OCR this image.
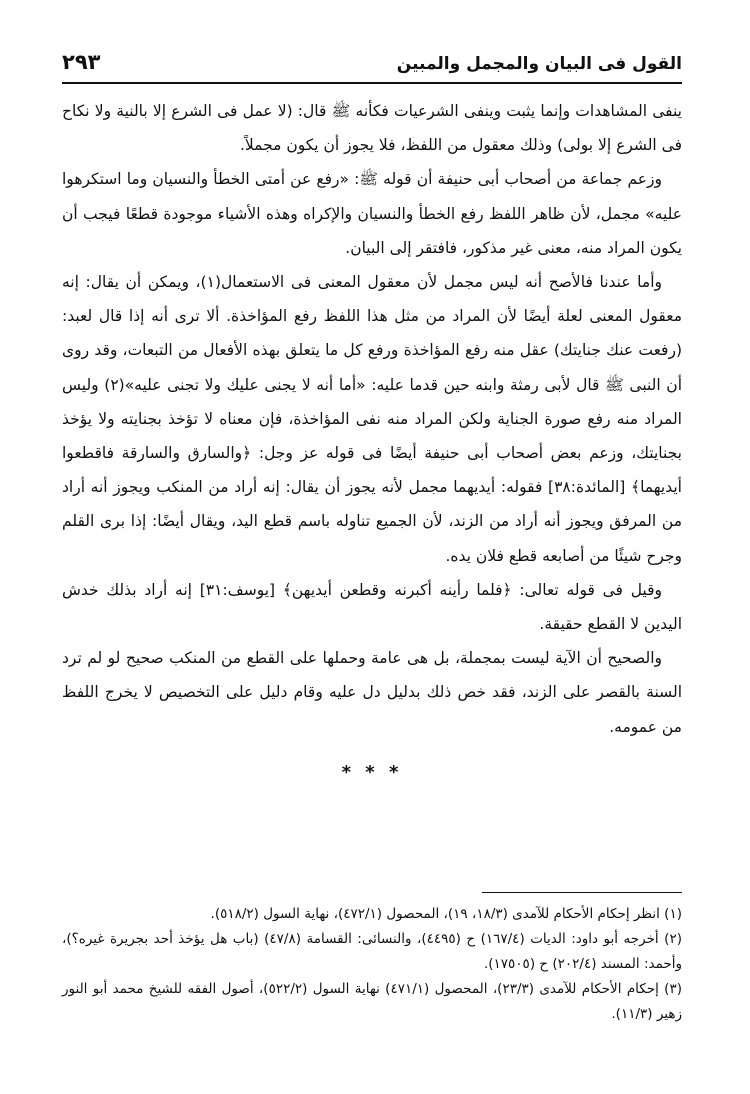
القول فى البيان والمجمل والمبين
٢٩٣

ينفى المشاهدات وإنما يثبت وينفى الشرعيات فكأنه ﷺ قال: (لا عمل فى الشرع إلا بالنية ولا نكاح فى الشرع إلا بولى) وذلك معقول من اللفظ، فلا يجوز أن يكون مجملاً.

وزعم جماعة من أصحاب أبى حنيفة أن قوله ﷺ: «رفع عن أمتى الخطأ والنسيان وما استكرهوا عليه» مجمل، لأن ظاهر اللفظ رفع الخطأ والنسيان والإكراه وهذه الأشياء موجودة قطعًا فيجب أن يكون المراد منه، معنى غير مذكور، فافتقر إلى البيان.

وأما عندنا فالأصح أنه ليس مجمل لأن معقول المعنى فى الاستعمال(١)، ويمكن أن يقال: إنه معقول المعنى لعلة أيضًا لأن المراد من مثل هذا اللفظ رفع المؤاخذة. ألا ترى أنه إذا قال لعبد: (رفعت عنك جنايتك) عقل منه رفع المؤاخذة ورفع كل ما يتعلق بهذه الأفعال من التبعات، وقد روى أن النبى ﷺ قال لأبى رمثة وابنه حين قدما عليه: «أما أنه لا يجنى عليك ولا تجنى عليه»(٢) وليس المراد منه رفع صورة الجناية ولكن المراد منه نفى المؤاخذة، فإن معناه لا تؤخذ بجنايته ولا يؤخذ بجنايتك، وزعم بعض أصحاب أبى حنيفة أيضًا فى قوله عز وجل: ﴿والسارق والسارقة فاقطعوا أيديهما﴾ [المائدة:٣٨] فقوله: أيديهما مجمل لأنه يجوز أن يقال: إنه أراد من المنكب ويجوز أنه أراد من المرفق ويجوز أنه أراد من الزند، لأن الجميع تناوله باسم قطع اليد، ويقال أيضًا: إذا برى القلم وجرح شيئًا من أصابعه قطع فلان يده.

وقيل فى قوله تعالى: ﴿فلما رأينه أكبرنه وقطعن أيديهن﴾ [يوسف:٣١] إنه أراد بذلك خدش اليدين لا القطع حقيقة.

والصحيح أن الآية ليست بمجملة، بل هى عامة وحملها على القطع من المنكب صحيح لو لم ترد السنة بالقصر على الزند، فقد خص ذلك بدليل دل عليه وقام دليل على التخصيص لا يخرج اللفظ من عمومه.

* * *

(١) انظر إحكام الأحكام للآمدى (١٨/٣، ١٩)، المحصول (٤٧٢/١)، نهاية السول (٥١٨/٢).

(٢) أخرجه أبو داود: الديات (١٦٧/٤) ح (٤٤٩٥)، والنسائى: القسامة (٤٧/٨) (باب هل يؤخذ أحد بجريرة غيره؟)، وأحمد: المسند (٢٠٢/٤) ح (١٧٥٠٥).

(٣) إحكام الأحكام للآمدى (٢٣/٣)، المحصول (٤٧١/١) نهاية السول (٥٢٢/٢)، أصول الفقه للشيخ محمد أبو النور زهير (١١/٣).
